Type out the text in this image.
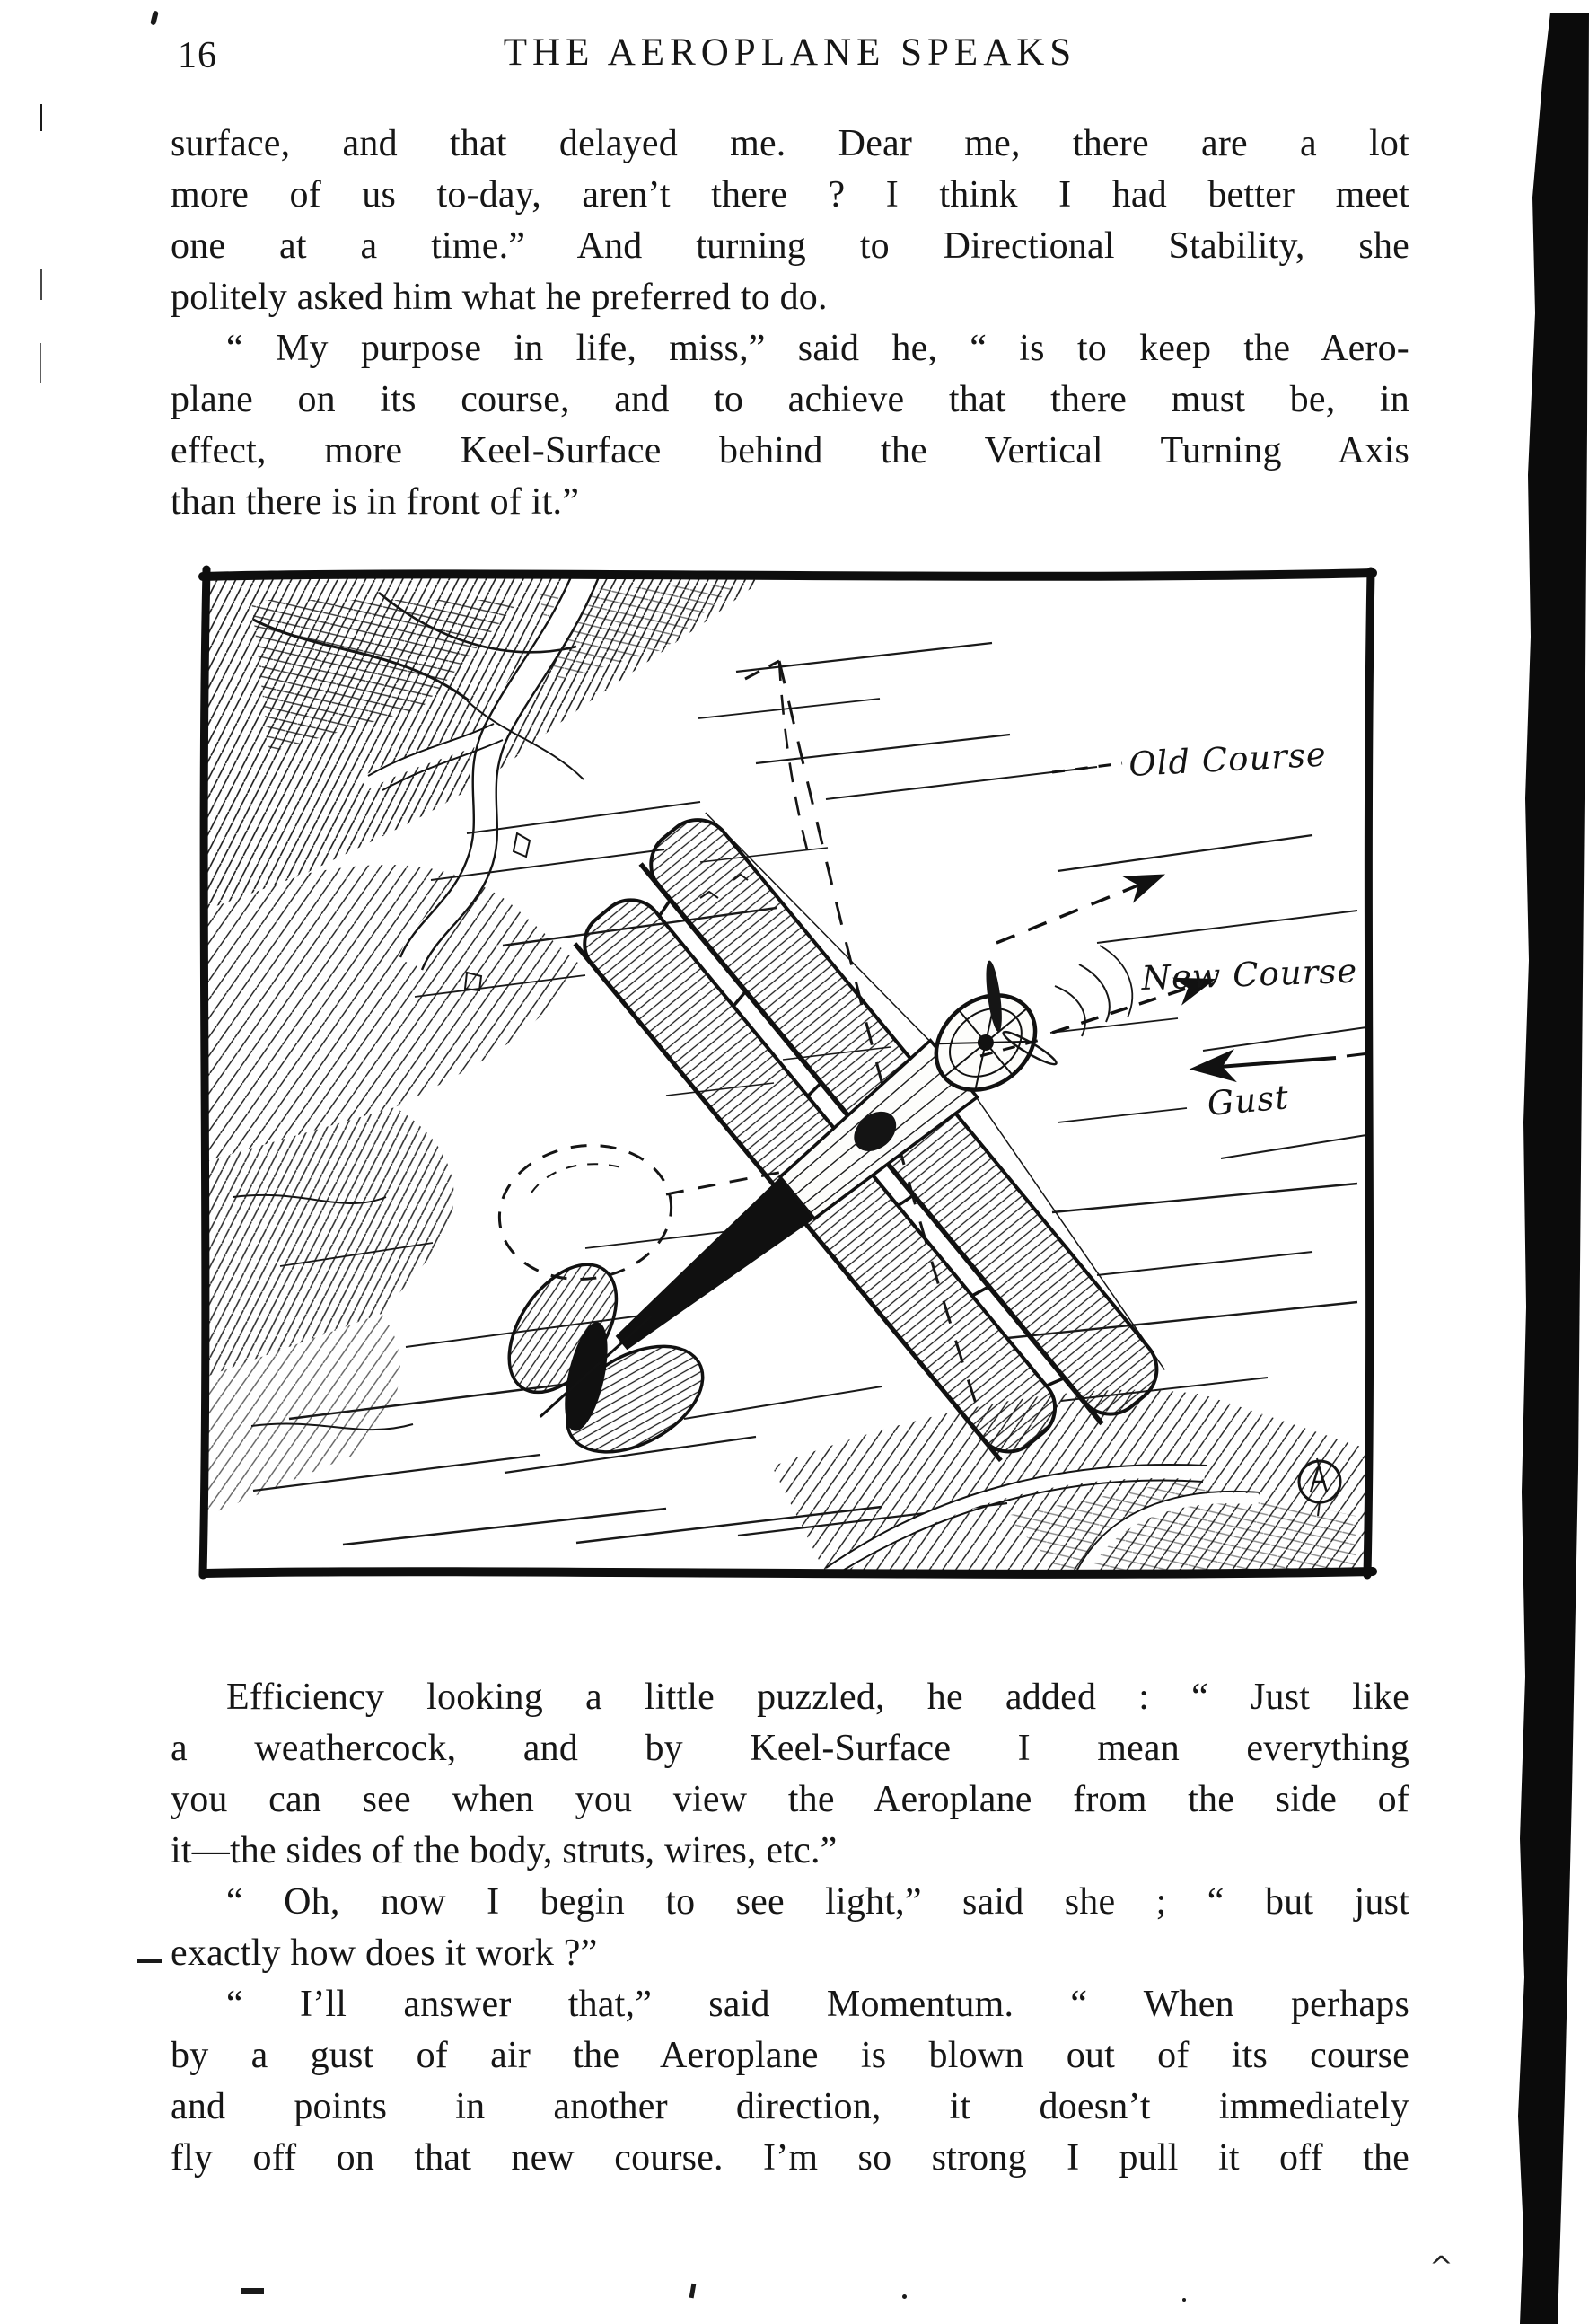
16	THE AEROPLANE SPEAKS
surface, and that delayed me. Dear me, there are a lot
more of us to-day, aren’t there ? I think I had better meet
one at a time.” And turning to Directional Stability, she
politely asked him what he preferred to do.
“ My purpose in life, miss,” said he, “ is to keep the Aero-
plane on its course, and to achieve that there must be, in
effect, more Keel-Surface behind the Vertical Turning Axis
than there is in front of it.”
Old Course
New Course
Gust
Efficiency looking a little puzzled, he added : “ Just like
a weathercock, and by Keel-Surface I mean everything
you can see when you view the Aeroplane from the side of
it—the sides of the body, struts, wires, etc.”
“ Oh, now I begin to see light,” said she ; “ but just
exactly how does it work ?”
“ I’ll answer that,” said Momentum. “ When perhaps
by a gust of air the Aeroplane is blown out of its course
and points in another direction, it doesn’t immediately
fly off on that new course. I’m so strong I pull it off the
^
